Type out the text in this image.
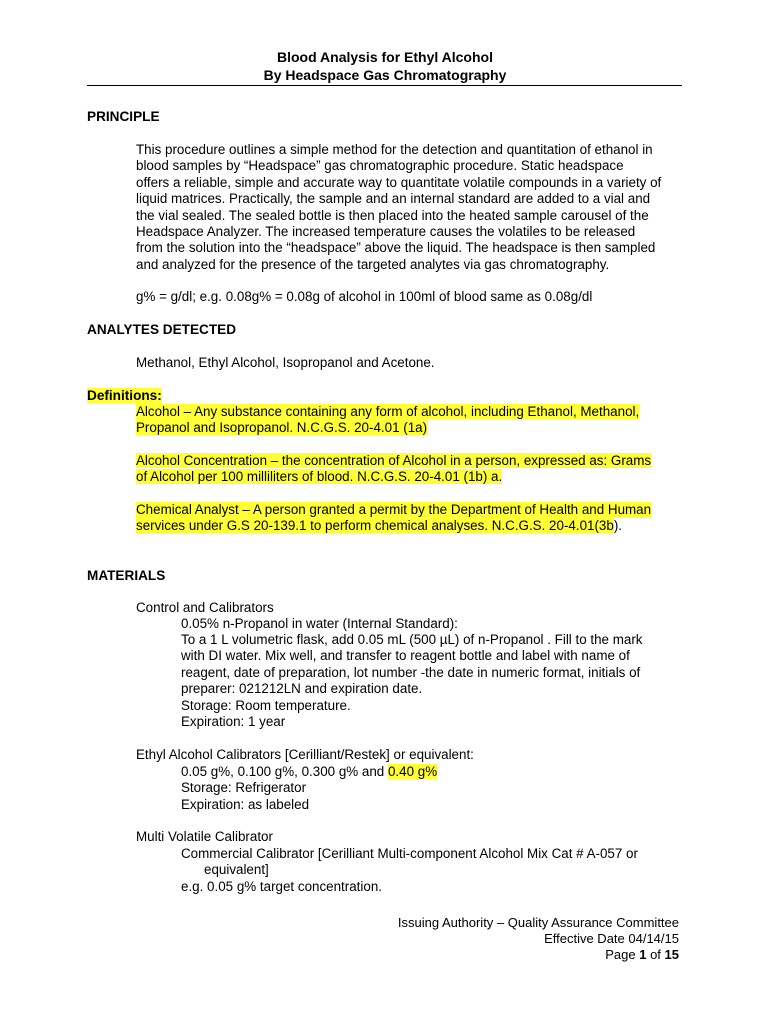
Blood Analysis for Ethyl Alcohol
By Headspace Gas Chromatography
PRINCIPLE
This procedure outlines a simple method for the detection and quantitation of ethanol in
blood samples by “Headspace” gas chromatographic procedure. Static headspace
offers a reliable, simple and accurate way to quantitate volatile compounds in a variety of
liquid matrices. Practically, the sample and an internal standard are added to a vial and
the vial sealed. The sealed bottle is then placed into the heated sample carousel of the
Headspace Analyzer. The increased temperature causes the volatiles to be released
from the solution into the “headspace” above the liquid. The headspace is then sampled
and analyzed for the presence of the targeted analytes via gas chromatography.
g% = g/dl; e.g. 0.08g% = 0.08g of alcohol in 100ml of blood same as 0.08g/dl
ANALYTES DETECTED
Methanol, Ethyl Alcohol, Isopropanol and Acetone.
Definitions:
Alcohol – Any substance containing any form of alcohol, including Ethanol, Methanol,
Propanol and Isopropanol. N.C.G.S. 20-4.01 (1a)
Alcohol Concentration – the concentration of Alcohol in a person, expressed as: Grams
of Alcohol per 100 milliliters of blood. N.C.G.S. 20-4.01 (1b) a.
Chemical Analyst – A person granted a permit by the Department of Health and Human
services under G.S 20-139.1 to perform chemical analyses. N.C.G.S. 20-4.01(3b).
MATERIALS
Control and Calibrators
0.05% n-Propanol in water (Internal Standard):
To a 1 L volumetric flask, add 0.05 mL (500 µL) of n-Propanol . Fill to the mark
with DI water. Mix well, and transfer to reagent bottle and label with name of
reagent, date of preparation, lot number -the date in numeric format, initials of
preparer: 021212LN and expiration date.
Storage: Room temperature.
Expiration: 1 year
Ethyl Alcohol Calibrators [Cerilliant/Restek] or equivalent:
0.05 g%, 0.100 g%, 0.300 g% and 0.40 g%
Storage: Refrigerator
Expiration: as labeled
Multi Volatile Calibrator
Commercial Calibrator [Cerilliant Multi-component Alcohol Mix Cat # A-057 or
equivalent]
e.g. 0.05 g% target concentration.
Issuing Authority – Quality Assurance Committee
Effective Date 04/14/15
Page 1 of 15
